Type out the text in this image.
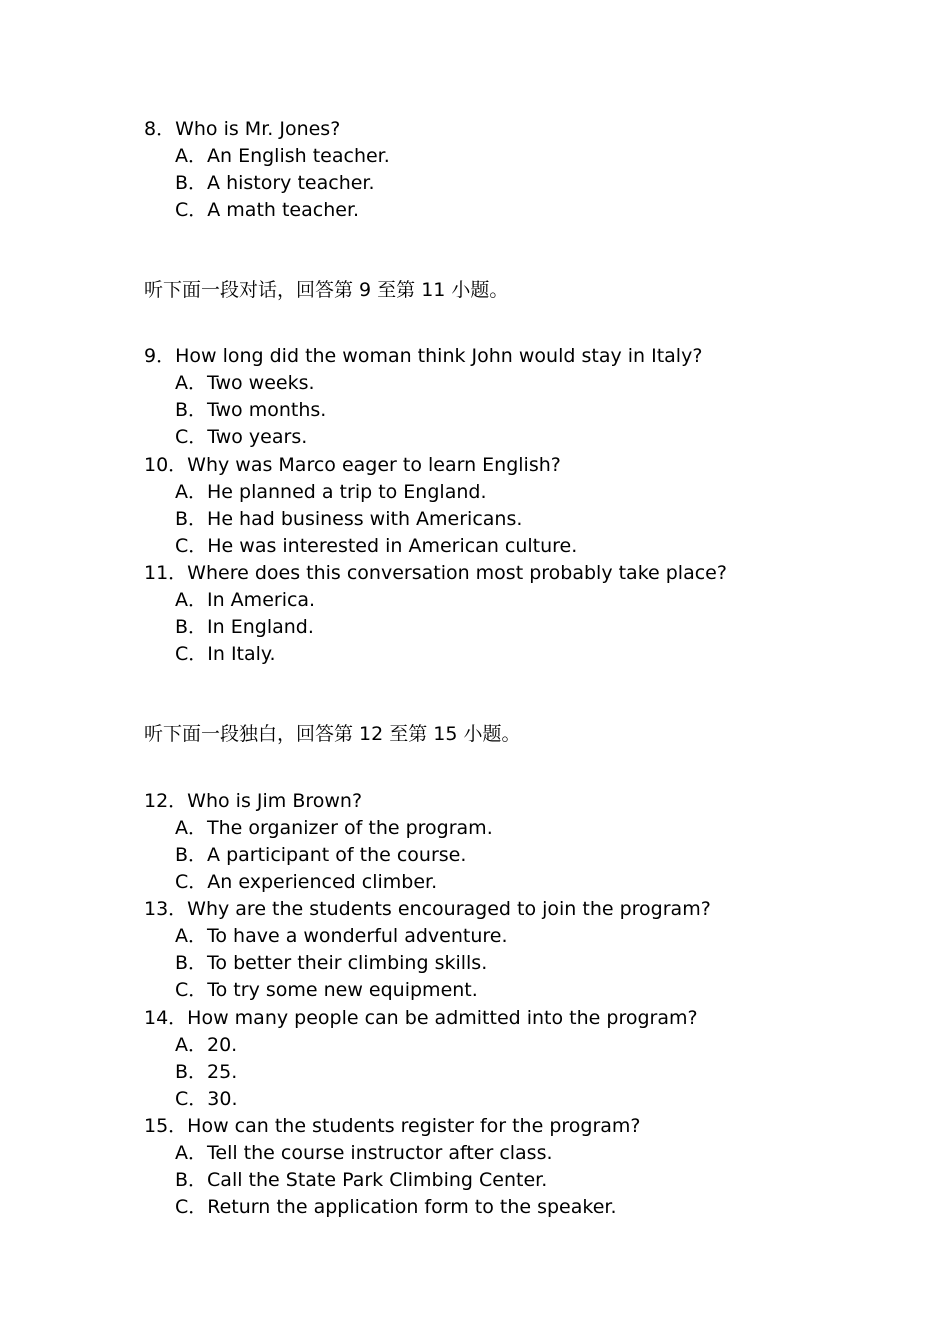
8．Who is Mr. Jones?
A．An English teacher.
B．A history teacher.
C．A math teacher.
听下面一段对话，回答第 9 至第 11 小题。
9．How long did the woman think John would stay in Italy?
A．Two weeks.
B．Two months.
C．Two years.
10．Why was Marco eager to learn English?
A．He planned a trip to England.
B．He had business with Americans.
C．He was interested in American culture.
11．Where does this conversation most probably take place?
A．In America.
B．In England.
C．In Italy.
听下面一段独白，回答第 12 至第 15 小题。
12．Who is Jim Brown?
A．The organizer of the program.
B．A participant of the course.
C．An experienced climber.
13．Why are the students encouraged to join the program?
A．To have a wonderful adventure.
B．To better their climbing skills.
C．To try some new equipment.
14．How many people can be admitted into the program?
A．20.
B．25.
C．30.
15．How can the students register for the program?
A．Tell the course instructor after class.
B．Call the State Park Climbing Center.
C．Return the application form to the speaker.
